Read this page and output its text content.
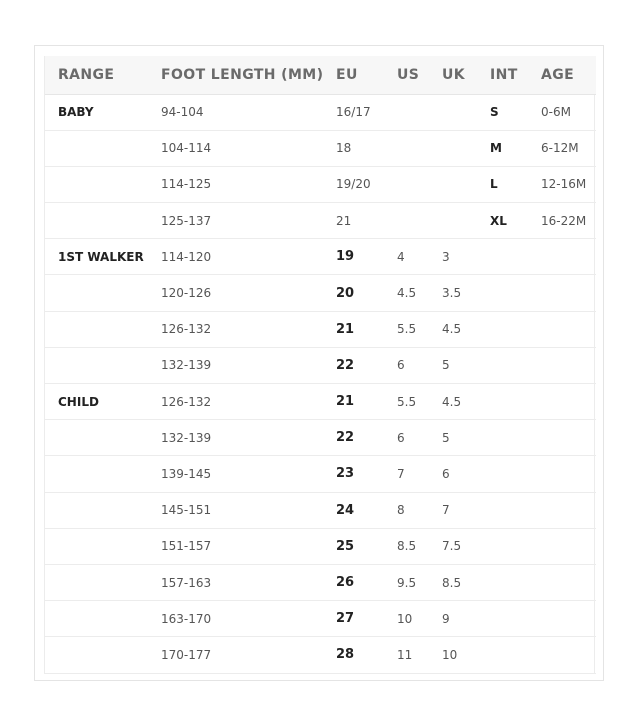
RANGE	FOOT LENGTH (MM)	EU	US	UK	INT	AGE
BABY	94-104	16/17			S	0-6M
	104-114	18			M	6-12M
	114-125	19/20			L	12-16M
	125-137	21			XL	16-22M
1ST WALKER	114-120	19	4	3		
	120-126	20	4.5	3.5		
	126-132	21	5.5	4.5		
	132-139	22	6	5		
CHILD	126-132	21	5.5	4.5		
	132-139	22	6	5		
	139-145	23	7	6		
	145-151	24	8	7		
	151-157	25	8.5	7.5		
	157-163	26	9.5	8.5		
	163-170	27	10	9		
	170-177	28	11	10		
